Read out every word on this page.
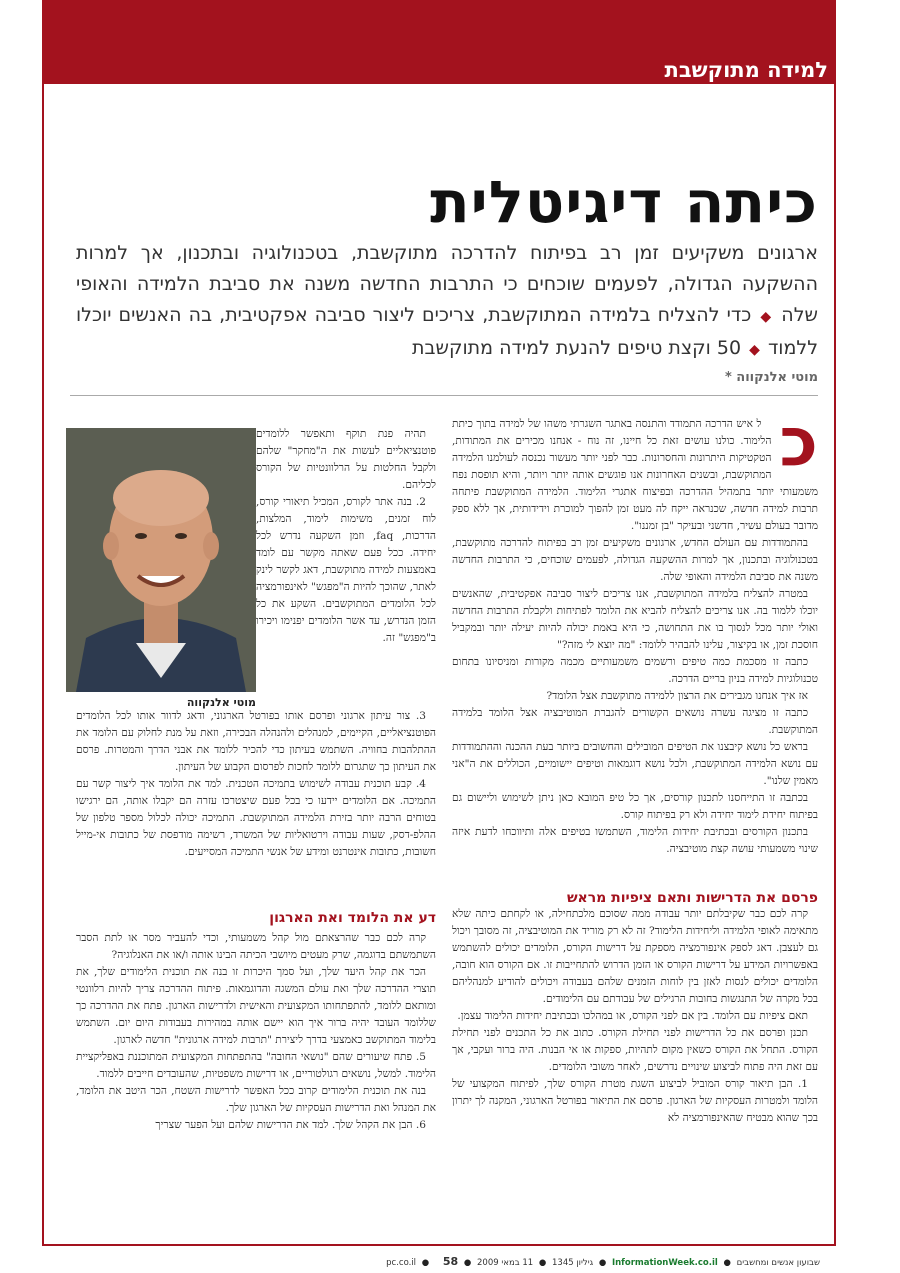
למידה מתוקשבת
כיתה דיגיטלית
ארגונים משקיעים זמן רב בפיתוח להדרכה מתוקשבת, בטכנולוגיה ובתכנון, אך למרות ההשקעה הגדולה, לפעמים שוכחים כי התרבות החדשה משנה את סביבת הלמידה והאופי שלה ◆ כדי להצליח בלמידה המתוקשבת, צריכים ליצור סביבה אפקטיבית, בה האנשים יוכלו ללמוד ◆ 50 וקצת טיפים להנעת למידה מתוקשבת
מוטי אלנקווה *
כ

ל איש הדרכה התמודד והתנסה באתגר השגרתי משהו של למידה בתוך כיתת הלימוד. כולנו עושים זאת כל חיינו, זה נוח - אנחנו מכירים את המתודות, הטקטיקות היתרונות והחסרונות. כבר לפני יותר מעשור נכנסה לעולמנו הלמידה המתוקשבת, ובשנים האחרונות אנו פוגשים אותה יותר ויותר, והיא תופסת נפח משמעותי יותר בתמהיל ההדרכה ובפיצוח אתגרי הלימוד. הלמידה המתוקשבת פיתחה תרבות למידה חדשה, שכנראה ייקח לה מעט זמן להפוך למוכרת וידידותית, אך ללא ספק מדובר בעולם עשיר, חדשני ובעיקר "בן זמננו".

בהתמודדות עם העולם החדש, ארגונים משקיעים זמן רב בפיתוח להדרכה מתוקשבת, בטכנולוגיה ובתכנון, אך למרות ההשקעה הגדולה, לפעמים שוכחים, כי התרבות החדשה משנה את סביבת הלמידה והאופי שלה.

במטרה להצליח בלמידה המתוקשבת, אנו צריכים ליצור סביבה אפקטיבית, שהאנשים יוכלו ללמוד בה. אנו צריכים להצליח להביא את הלומד לפתיחות ולקבלת התרבות החדשה ואולי יותר מכל לנסוך בו את התחושה, כי היא באמת יכולה להיות יעילה יותר ובמקביל חוסכת זמן, או בקיצור, עלינו להבהיר ללומד: "מה יוצא לי מזה?"

כתבה זו מסכמת כמה טיפים ורשמים משמעותיים מכמה מקורות ומניסיונו בתחום טכנולוגיות למידה בניון בריים הדרכה.

אז איך אנחנו מגבירים את הרצון ללמידה מתוקשבת אצל הלומד?

כתבה זו מציגה עשרה נושאים הקשורים להגברת המוטיבציה אצל הלומד בלמידה המתוקשבת.

בראש כל נושא קיבצנו את הטיפים המובילים והחשובים ביותר בעת ההכנה וההתמודדות עם נושא הלמידה המתוקשבת, ולכל נושא דוגמאות וטיפים יישומיים, הכוללים את ה"אני מאמין שלנו".

בכתבה זו התייחסנו לתכנון קורסים, אך כל טיפ המובא כאן ניתן לשימוש וליישום גם בפיתוח יחידת לימוד יחידה ולא רק בפיתוח קורס.

בתכנון הקורסים ובכתיבת יחידות הלימוד, השתמשו בטיפים אלה ותיווכחו לדעת איזה שינוי משמעותי עושה קצת מוטיבציה.

פרסם את הדרישות ותאם ציפיות מראש

קרה לכם כבר שקיבלתם יותר עבודה ממה שסוכם מלכתחילה, או לקחתם כיתה שלא מתאימה לאופי הלמידה וליחידות הלימוד? זה לא רק מוריד את המוטיבציה, זה מסובך ויכול גם לעצבן. דאג לספק אינפורמציה מספקת על דרישות הקורס, הלומדים יכולים להשתמש באפשרויות המידע על דרישות הקורס או הזמן הדרוש להתחייבות זו. אם הקורס הוא חובה, הלומדים יכולים לנסות לאזן בין לוחות הזמנים שלהם בעבודה ויכולים להודיע למנהליהם בכל מקרה של התנגשות בחובות הרגילים של עבודתם עם הלימודים.

תאם ציפיות עם הלומד. בין אם לפני הקורס, או במהלכו ובכתיבת יחידות הלימוד עצמן.

תכנן ופרסם את כל הדרישות לפני תחילת הקורס. כתוב את כל התכנים לפני תחילת הקורס. התחל את הקורס כשאין מקום לתהיות, ספקות או אי הבנות. היה ברור ועקבי, אך עם זאת היה פתוח לביצוע שינויים נדרשים, לאחר משובי הלומדים.

1. הבן תיאור קורס המוביל לביצוע השגת מטרת הקורס שלך, לפיתוח המקצועי של הלומד ולמטרות העסקיות של הארגון. פרסם את התיאור בפורטל הארגוני, המקנה לך יתרון בכך שהוא מבטיח שהאינפורמציה לא

מוטי אלנקווה

תהיה פנת תוקף ותאפשר ללומדים פוטנציאליים לעשות את ה"מחקר" שלהם ולקבל החלטות על הרלוונטיות של הקורס לכליהם.

2. בנה אתר לקורס, המכיל תיאורי קורס, לוח זמנים, משימות לימוד, המלצות, הדרכות, faq, וזמן השקעה נדרש לכל יחידה. ככל פעם שאתה מקשר עם לומד באמצעות למידה מתוקשבת, דאג לקשר לינק לאתר, שהוכך להיות ה"מפגש" לאינפורמציה לכל הלומדים המתוקשבים. השקע את כל הזמן הנדרש, עד אשר הלומדים יפנימו ויכירו ב"מפגש" זה.

3. צור עיתון ארגוני ופרסם אותו בפורטל הארגוני, ודאג לדוור אותו לכל הלומדים הפוטנציאליים, הקיימים, למנהלים ולהנהלה הבכירה, וזאת על מנת לחלוק עם הלומד את ההתלהבות בחוויה. השתמש בעיתון כדי להכיר ללומד את אבני הדרך והמטרות. פרסם את העיתון כך שתגרום ללומד לחכות לפרסום הקבוע של העיתון.

4. קבע תוכנית עבודה לשימוש בתמיכה הטכנית. למד את הלומד איך ליצור קשר עם התמיכה. אם הלומדים יידעו כי בכל פעם שיצטרכו עזרה הם יקבלו אותה, הם ירגישו בטוחים הרבה יותר בזירת הלמידה המתוקשבת. התמיכה יכולה לכלול מספר טלפון של ההלפ-דסק, שעות עבודה וירטואליות של המשרד, רשימה מודפסת של כתובות אי-מייל חשובות, כתובות אינטרנט ומידע של אנשי התמיכה המסייעים.

דע את הלומד ואת הארגון

קרה לכם כבר שהרצאתם מול קהל משמעותי, וכדי להעביר מסר או לתת הסבר השתמשתם בדוגמה, שרק מעטים מיושבי הכיתה הבינו אותה ו/או את האנלוגיה?

הכר את קהל היעד שלך, ועל סמך היכרות זו בנה את תוכנית הלימודים שלך, את תוצרי ההדרכה שלך ואת עולם המשגה והדוגמאות. פיתוח ההדרכה צריך להיות רלוונטי ומותאם ללומד, להתפתחותו המקצועית והאישית ולדרישות הארגון. פתח את ההדרכה כך שללומד העובד יהיה ברור איך הוא יישם אותה במהירות בעבודות היום יום. השתמש בלימוד המתוקשב כאמצעי בדרך ליצירת "תרבות למידה ארגונית" חדשה לארגון.

5. פתח שיעורים שהם "נושאי החובה" בהתפתחות המקצועית המתוכננת באפליקציית הלימוד. למשל, נושאים רגולטוריים, או דרישות משפטיות, שהעובדים חייבים ללמוד.

בנה את תוכנית הלימודים קרוב ככל האפשר לדרישות השטח, הכר היטב את הלומד, את המנהל ואת הדרישות העסקיות של הארגון שלך.

6. הבן את הקהל שלך. למד את הדרישות שלהם ועל הפער שצריך

שבועון אנשים ומחשבים ● InformationWeek.co.il ● גיליון 1345 ● 11 במאי 2009 ● pc.co.il ● 58
